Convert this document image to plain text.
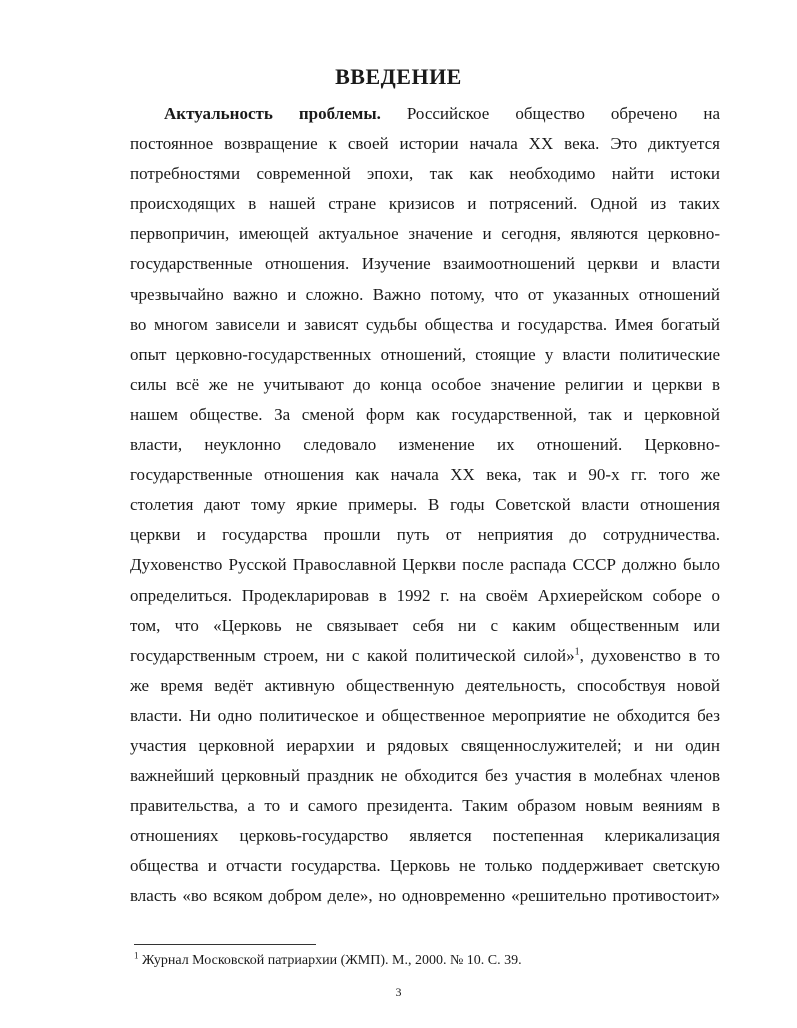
ВВЕДЕНИЕ
Актуальность проблемы. Российское общество обречено на
постоянное возвращение к своей истории начала XX века. Это диктуется
потребностями современной эпохи, так как необходимо найти истоки
происходящих в нашей стране кризисов и потрясений. Одной из таких
первопричин, имеющей актуальное значение и сегодня, являются церковно-
государственные отношения. Изучение взаимоотношений церкви и власти
чрезвычайно важно и сложно. Важно потому, что от указанных отношений
во многом зависели и зависят судьбы общества и государства. Имея богатый
опыт церковно-государственных отношений, стоящие у власти политические
силы всё же не учитывают до конца особое значение религии и церкви в
нашем обществе. За сменой форм как государственной, так и церковной
власти, неуклонно следовало изменение их отношений. Церковно-
государственные отношения как начала XX века, так и 90-х гг. того же
столетия дают тому яркие примеры. В годы Советской власти отношения
церкви и государства прошли путь от неприятия до сотрудничества.
Духовенство Русской Православной Церкви после распада СССР должно было
определиться. Продекларировав в 1992 г. на своём Архиерейском соборе о
том, что «Церковь не связывает себя ни с каким общественным или
государственным строем, ни с какой политической силой»$^1$, духовенство в то
же время ведёт активную общественную деятельность, способствуя новой
власти. Ни одно политическое и общественное мероприятие не обходится без
участия церковной иерархии и рядовых священнослужителей; и ни один
важнейший церковный праздник не обходится без участия в молебнах членов
правительства, а то и самого президента. Таким образом новым веяниям в
отношениях церковь-государство является постепенная клерикализация
общества и отчасти государства. Церковь не только поддерживает светскую
власть «во всяком добром деле», но одновременно «решительно противостоит»
$^1$ Журнал Московской патриархии (ЖМП). М., 2000. № 10. С. 39.
3
